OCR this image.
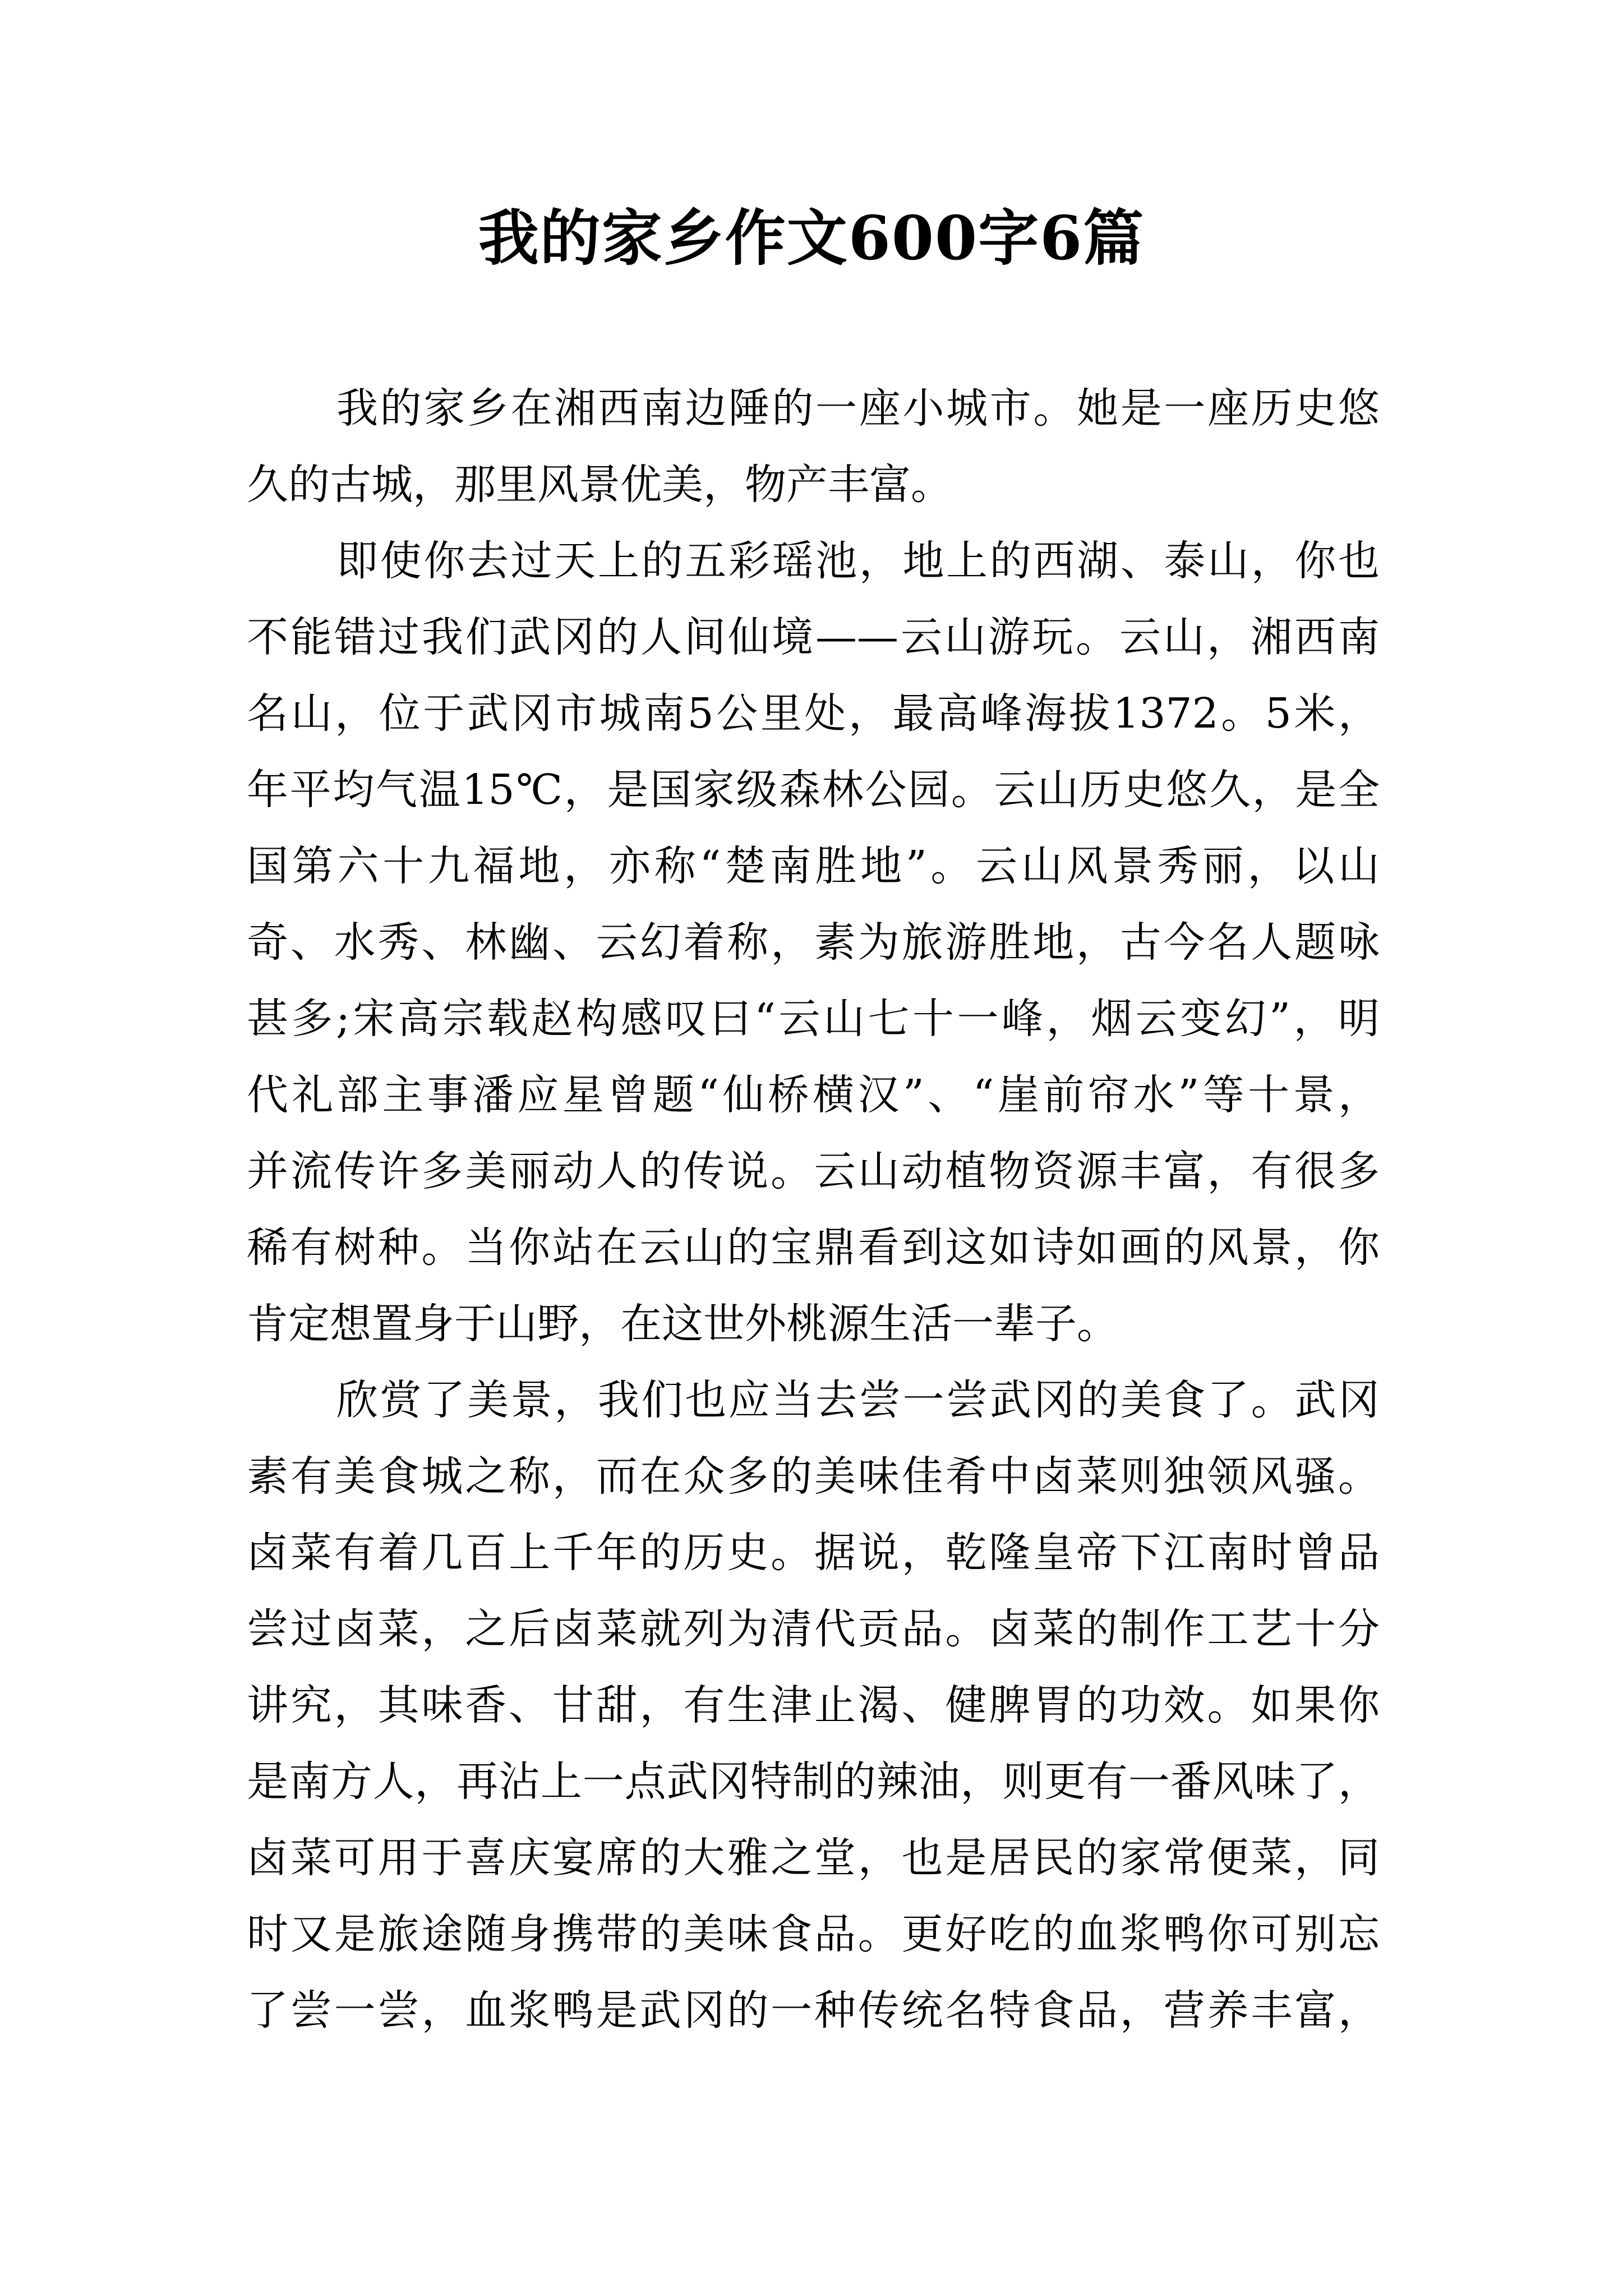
我的家乡作文600字6篇

我的家乡在湘西南边陲的一座小城市。她是一座历史悠
久的古城，那里风景优美，物产丰富。

即使你去过天上的五彩瑶池，地上的西湖、泰山，你也
不能错过我们武冈的人间仙境——云山游玩。云山，湘西南
名山，位于武冈市城南5公里处，最高峰海拔1372。5米，
年平均气温15℃，是国家级森林公园。云山历史悠久，是全
国第六十九福地，亦称“楚南胜地”。云山风景秀丽，以山
奇、水秀、林幽、云幻着称，素为旅游胜地，古今名人题咏
甚多;宋高宗载赵构感叹曰“云山七十一峰，烟云变幻”，明
代礼部主事潘应星曾题“仙桥横汉”、“崖前帘水”等十景，
并流传许多美丽动人的传说。云山动植物资源丰富，有很多
稀有树种。当你站在云山的宝鼎看到这如诗如画的风景，你
肯定想置身于山野，在这世外桃源生活一辈子。

欣赏了美景，我们也应当去尝一尝武冈的美食了。武冈
素有美食城之称，而在众多的美味佳肴中卤菜则独领风骚。
卤菜有着几百上千年的历史。据说，乾隆皇帝下江南时曾品
尝过卤菜，之后卤菜就列为清代贡品。卤菜的制作工艺十分
讲究，其味香、甘甜，有生津止渴、健脾胃的功效。如果你
是南方人，再沾上一点武冈特制的辣油，则更有一番风味了，
卤菜可用于喜庆宴席的大雅之堂，也是居民的家常便菜，同
时又是旅途随身携带的美味食品。更好吃的血浆鸭你可别忘
了尝一尝，血浆鸭是武冈的一种传统名特食品，营养丰富，
